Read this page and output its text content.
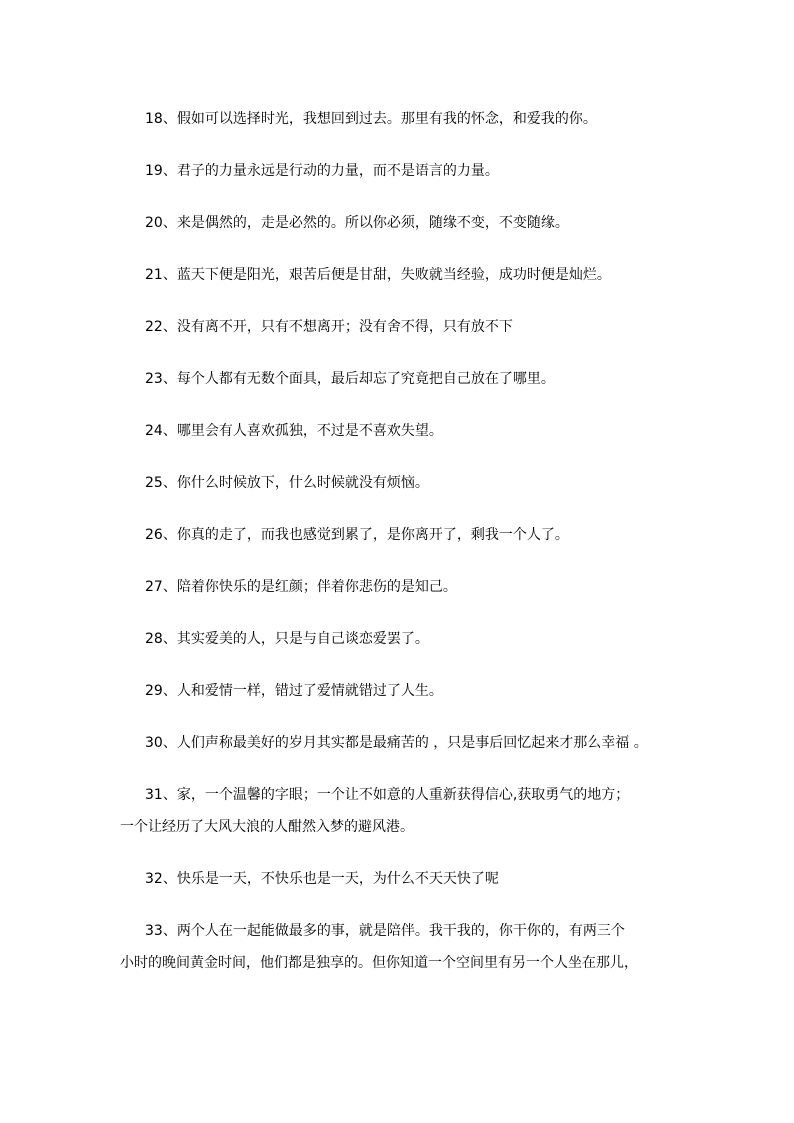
18、假如可以选择时光，我想回到过去。那里有我的怀念，和爱我的你。
19、君子的力量永远是行动的力量，而不是语言的力量。
20、来是偶然的，走是必然的。所以你必须，随缘不变，不变随缘。
21、蓝天下便是阳光，艰苦后便是甘甜，失败就当经验，成功时便是灿烂。
22、没有离不开，只有不想离开；没有舍不得，只有放不下
23、每个人都有无数个面具，最后却忘了究竟把自己放在了哪里。
24、哪里会有人喜欢孤独，不过是不喜欢失望。
25、你什么时候放下，什么时候就没有烦恼。
26、你真的走了，而我也感觉到累了，是你离开了，剩我一个人了。
27、陪着你快乐的是红颜；伴着你悲伤的是知己。
28、其实爱美的人，只是与自己谈恋爱罢了。
29、人和爱情一样，错过了爱情就错过了人生。
30、人们声称最美好的岁月其实都是最痛苦的 ，只是事后回忆起来才那么幸福 。
31、家，一个温馨的字眼；一个让不如意的人重新获得信心,获取勇气的地方；
一个让经历了大风大浪的人酣然入梦的避风港。
32、快乐是一天，不快乐也是一天，为什么不天天快了呢
33、两个人在一起能做最多的事，就是陪伴。我干我的，你干你的，有两三个
小时的晚间黄金时间，他们都是独享的。但你知道一个空间里有另一个人坐在那儿，
